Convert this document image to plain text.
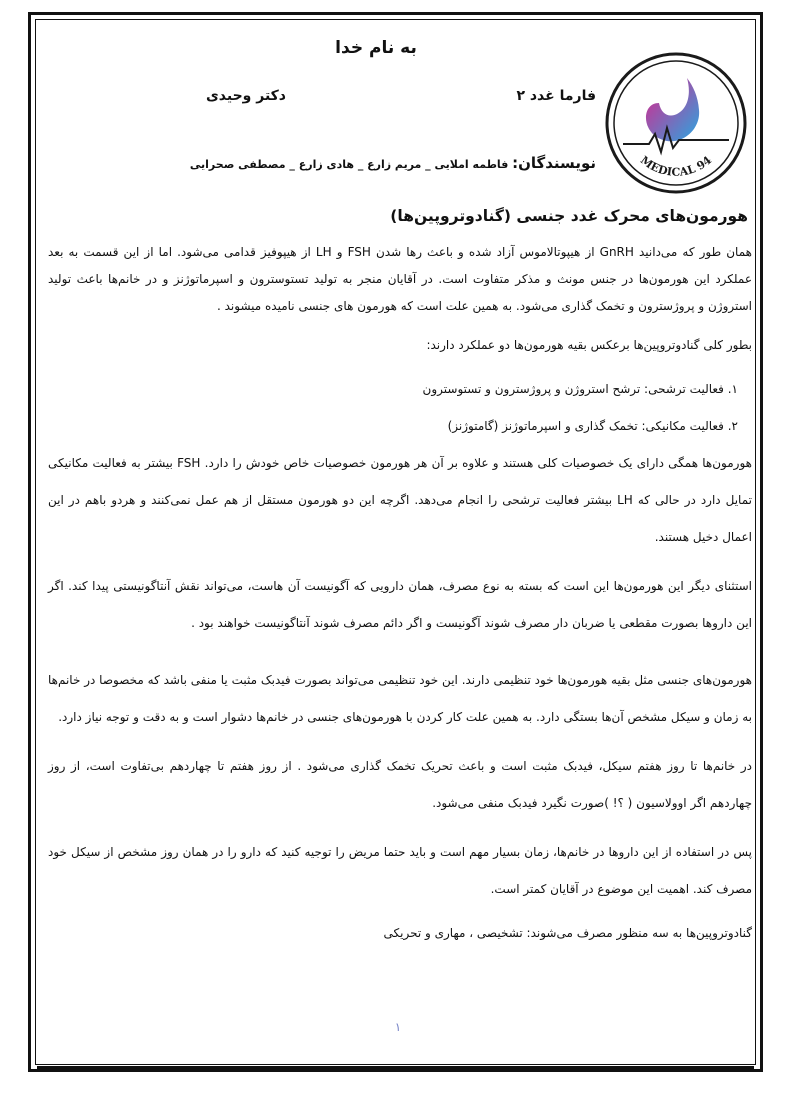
به نام خدا
فارما غدد ۲
دکتر وحیدی
نویسندگان: فاطمه املایی _ مریم زارع _ هادی زارع _ مصطفی صحرایی	MEDICAL 94
هورمون‌های محرک غدد جنسی (گنادوتروپین‌ها)
همان طور که می‌دانید GnRH از هیپوتالاموس آزاد شده و باعث رها شدن FSH و LH از هیپوفیز قدامی می‌شود. اما از این قسمت به بعد عملکرد این هورمون‌ها در جنس مونث و مذکر متفاوت است. در آقایان منجر به تولید تستوسترون و اسپرماتوژنز و در خانم‌ها باعث تولید استروژن و پروژسترون و تخمک گذاری می‌شود. به همین علت است که هورمون های جنسی نامیده میشوند .
بطور کلی گنادوتروپین‌ها برعکس بقیه هورمون‌ها دو عملکرد دارند:
۱. فعالیت ترشحی: ترشح استروژن و پروژسترون و تستوسترون
۲. فعالیت مکانیکی: تخمک گذاری و اسپرماتوژنز (گامتوژنز)
هورمون‌ها همگی دارای یک خصوصیات کلی هستند و علاوه بر آن هر هورمون خصوصیات خاص خودش را دارد. FSH بیشتر به فعالیت مکانیکی تمایل دارد در حالی که LH بیشتر فعالیت ترشحی را انجام می‌دهد. اگرچه این دو هورمون مستقل از هم عمل نمی‌کنند و هردو باهم در این اعمال دخیل هستند.
استثنای دیگر این هورمون‌ها این است که بسته به نوع مصرف، همان دارویی که آگونیست آن هاست، می‌تواند نقش آنتاگونیستی پیدا کند. اگر این داروها بصورت مقطعی یا ضربان دار مصرف شوند آگونیست و اگر دائم مصرف شوند آنتاگونیست خواهند بود .
هورمون‌های جنسی مثل بقیه هورمون‌ها خود تنظیمی دارند. این خود تنظیمی می‌تواند بصورت فیدبک مثبت یا منفی باشد که مخصوصا در خانم‌ها به زمان و سیکل مشخص آن‌ها بستگی دارد. به همین علت کار کردن با هورمون‌های جنسی در خانم‌ها دشوار است و به دقت و توجه نیاز دارد.
در خانم‌ها تا روز هفتم سیکل، فیدبک مثبت است و باعث تحریک تخمک گذاری می‌شود . از روز هفتم تا چهاردهم بی‌تفاوت است، از روز چهاردهم اگر اوولاسیون ( ؟! )صورت نگیرد فیدبک منفی می‌شود.
پس در استفاده از این داروها در خانم‌ها، زمان بسیار مهم است و باید حتما مریض را توجیه کنید که دارو را در همان روز مشخص از سیکل خود مصرف کند. اهمیت این موضوع در آقایان کمتر است.
گنادوتروپین‌ها به سه منظور مصرف می‌شوند: تشخیصی ، مهاری و تحریکی
۱
